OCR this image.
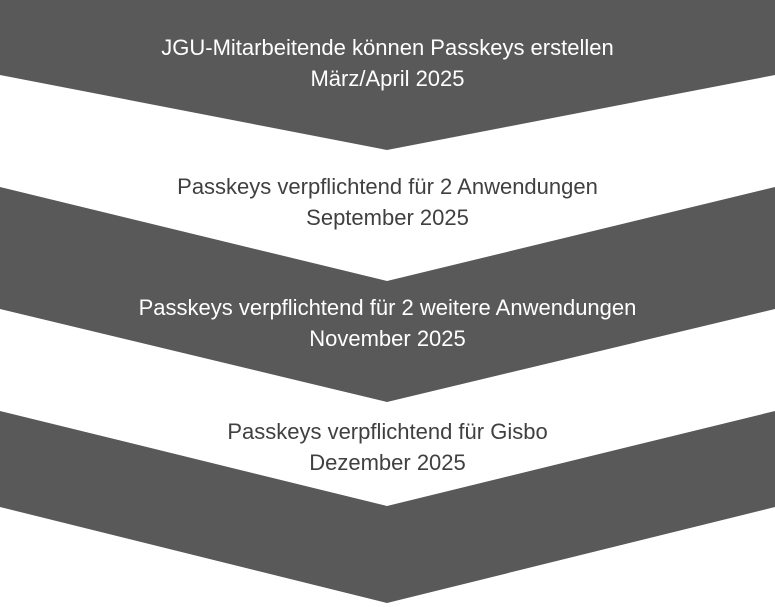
JGU-Mitarbeitende können Passkeys erstellen
März/April 2025
Passkeys verpflichtend für 2 Anwendungen
September 2025
Passkeys verpflichtend für 2 weitere Anwendungen
November 2025
Passkeys verpflichtend für Gisbo
Dezember 2025
